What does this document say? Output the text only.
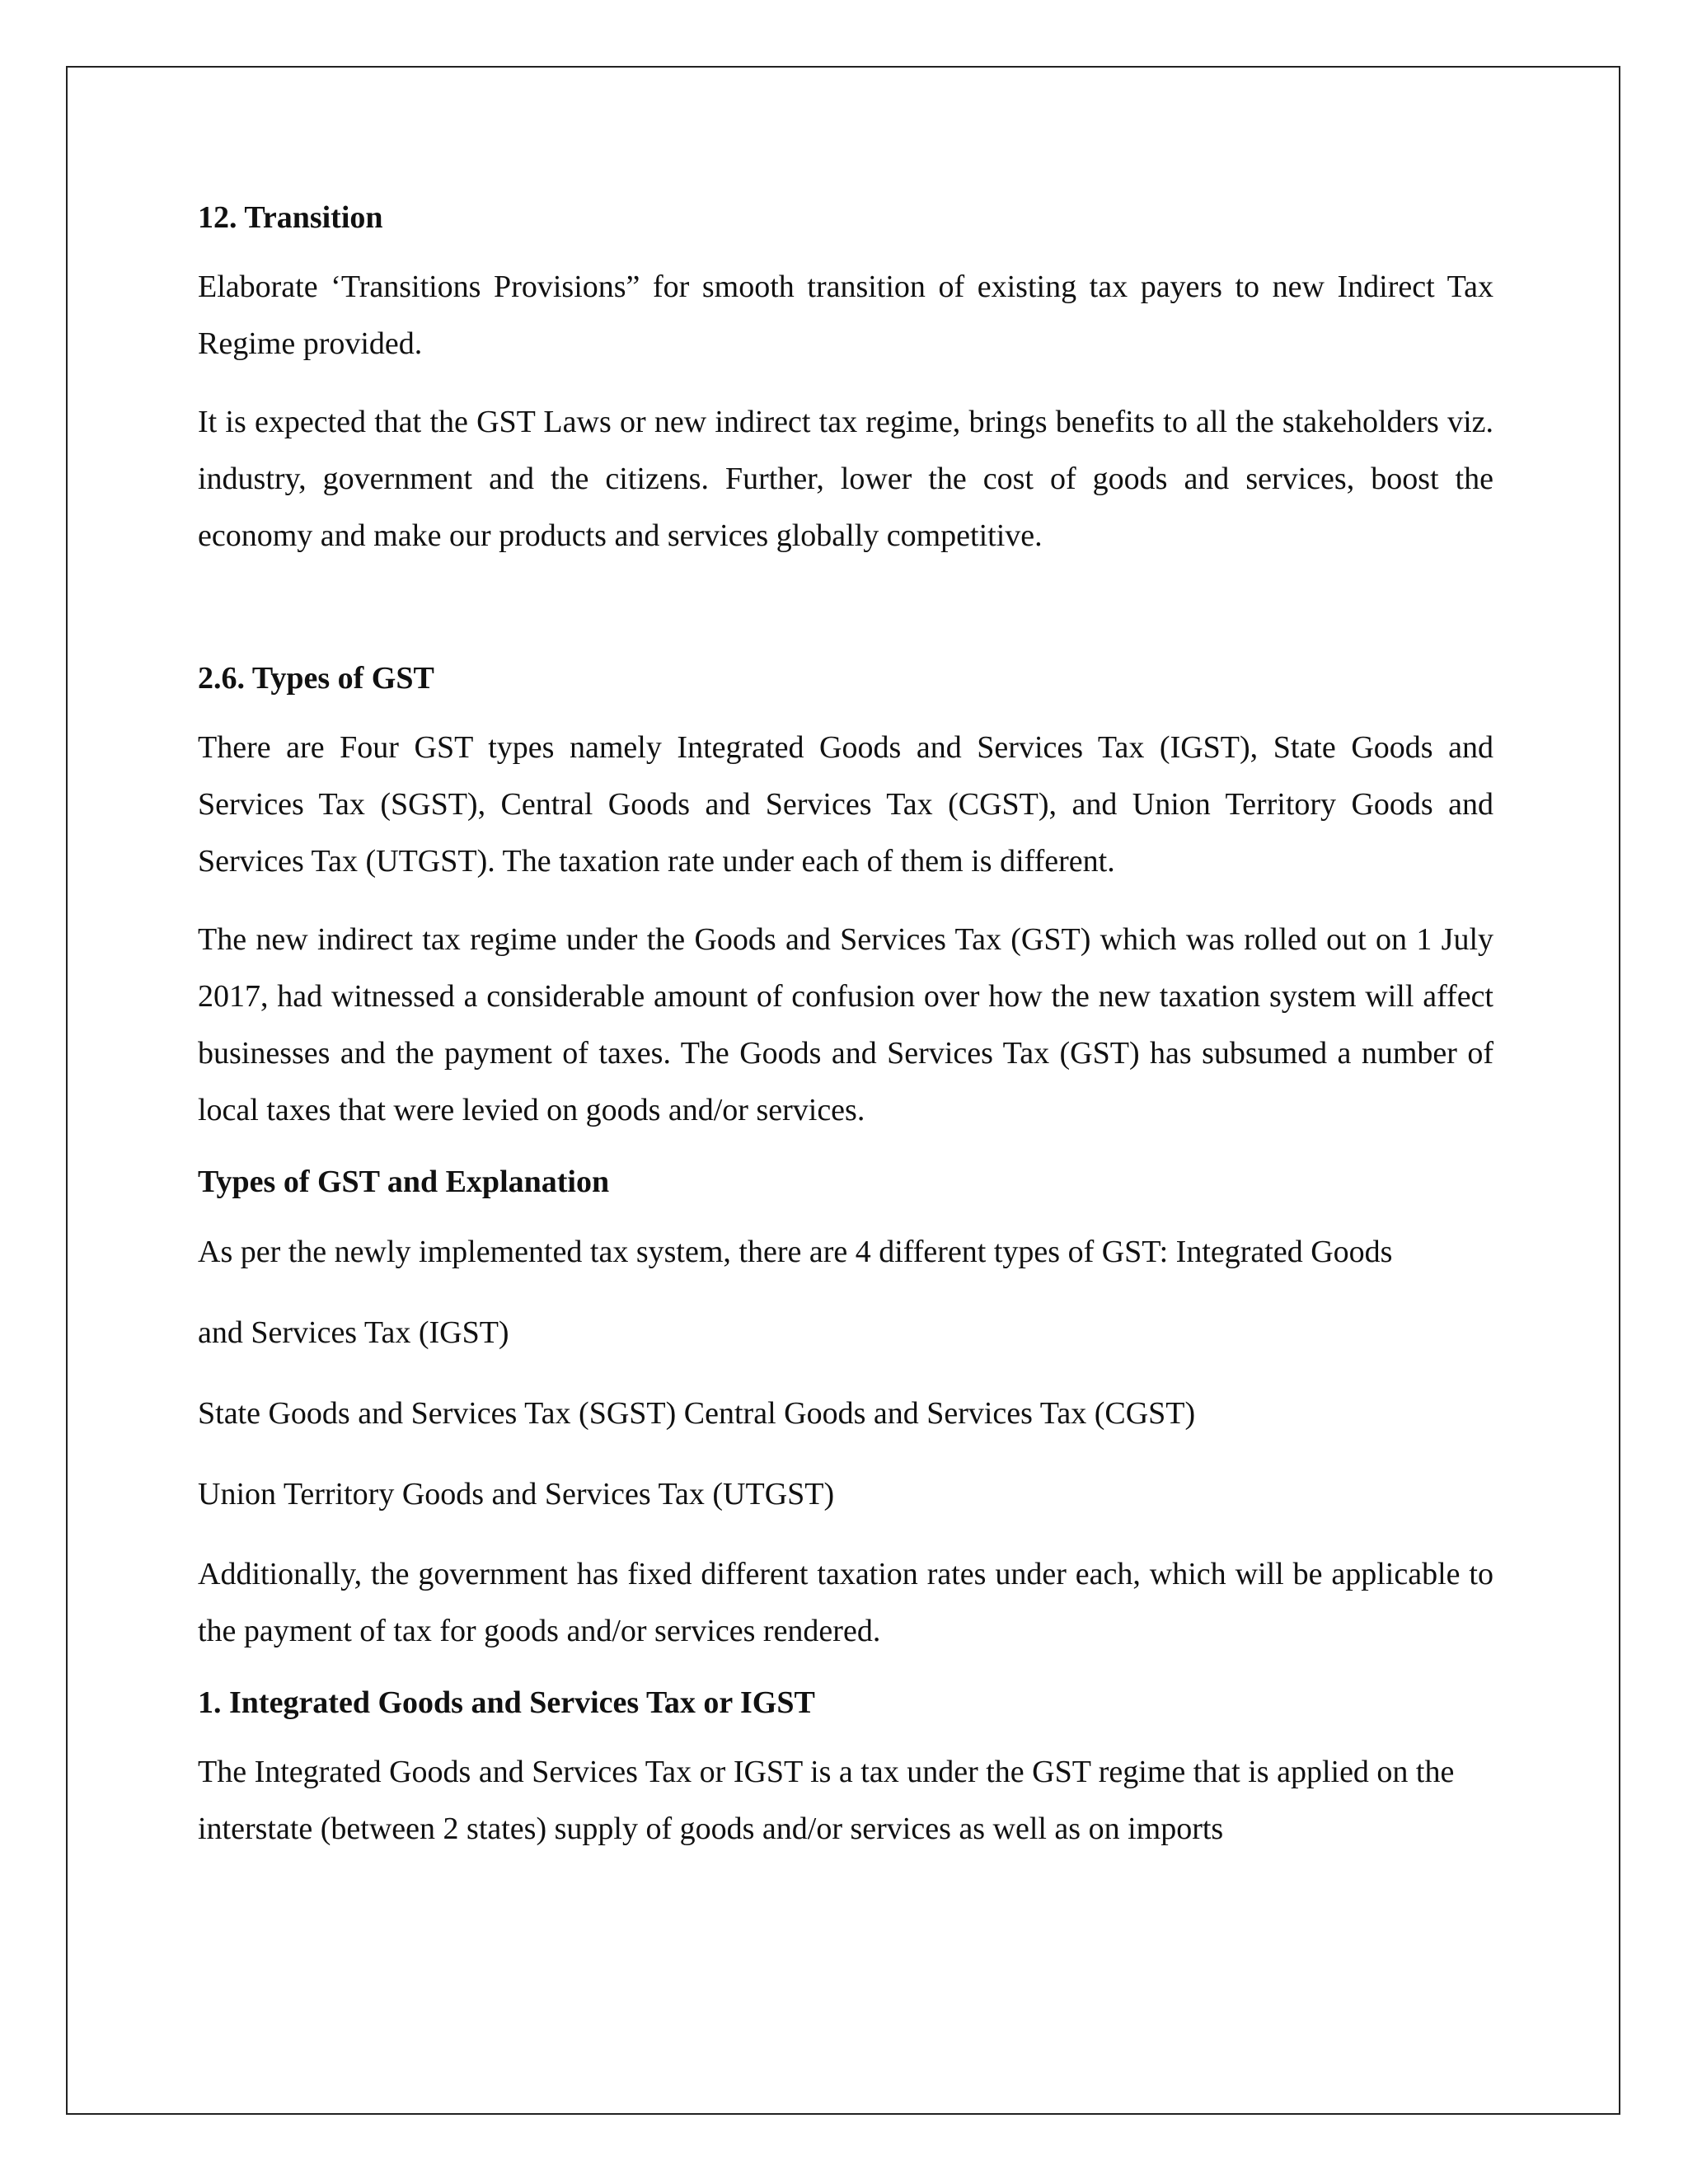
12. Transition

Elaborate ‘Transitions Provisions” for smooth transition of existing tax payers to new Indirect Tax Regime provided.

It is expected that the GST Laws or new indirect tax regime, brings benefits to all the stakeholders viz. industry, government and the citizens. Further, lower the cost of goods and services, boost the economy and make our products and services globally competitive.

2.6. Types of GST

There are Four GST types namely Integrated Goods and Services Tax (IGST), State Goods and Services Tax (SGST), Central Goods and Services Tax (CGST), and Union Territory Goods and Services Tax (UTGST). The taxation rate under each of them is different.

The new indirect tax regime under the Goods and Services Tax (GST) which was rolled out on 1 July 2017, had witnessed a considerable amount of confusion over how the new taxation system will affect businesses and the payment of taxes. The Goods and Services Tax (GST) has subsumed a number of local taxes that were levied on goods and/or services.

Types of GST and Explanation

As per the newly implemented tax system, there are 4 different types of GST: Integrated Goods

and Services Tax (IGST)

State Goods and Services Tax (SGST) Central Goods and Services Tax (CGST)

Union Territory Goods and Services Tax (UTGST)

Additionally, the government has fixed different taxation rates under each, which will be applicable to the payment of tax for goods and/or services rendered.

1. Integrated Goods and Services Tax or IGST

The Integrated Goods and Services Tax or IGST is a tax under the GST regime that is applied on the interstate (between 2 states) supply of goods and/or services as well as on imports
